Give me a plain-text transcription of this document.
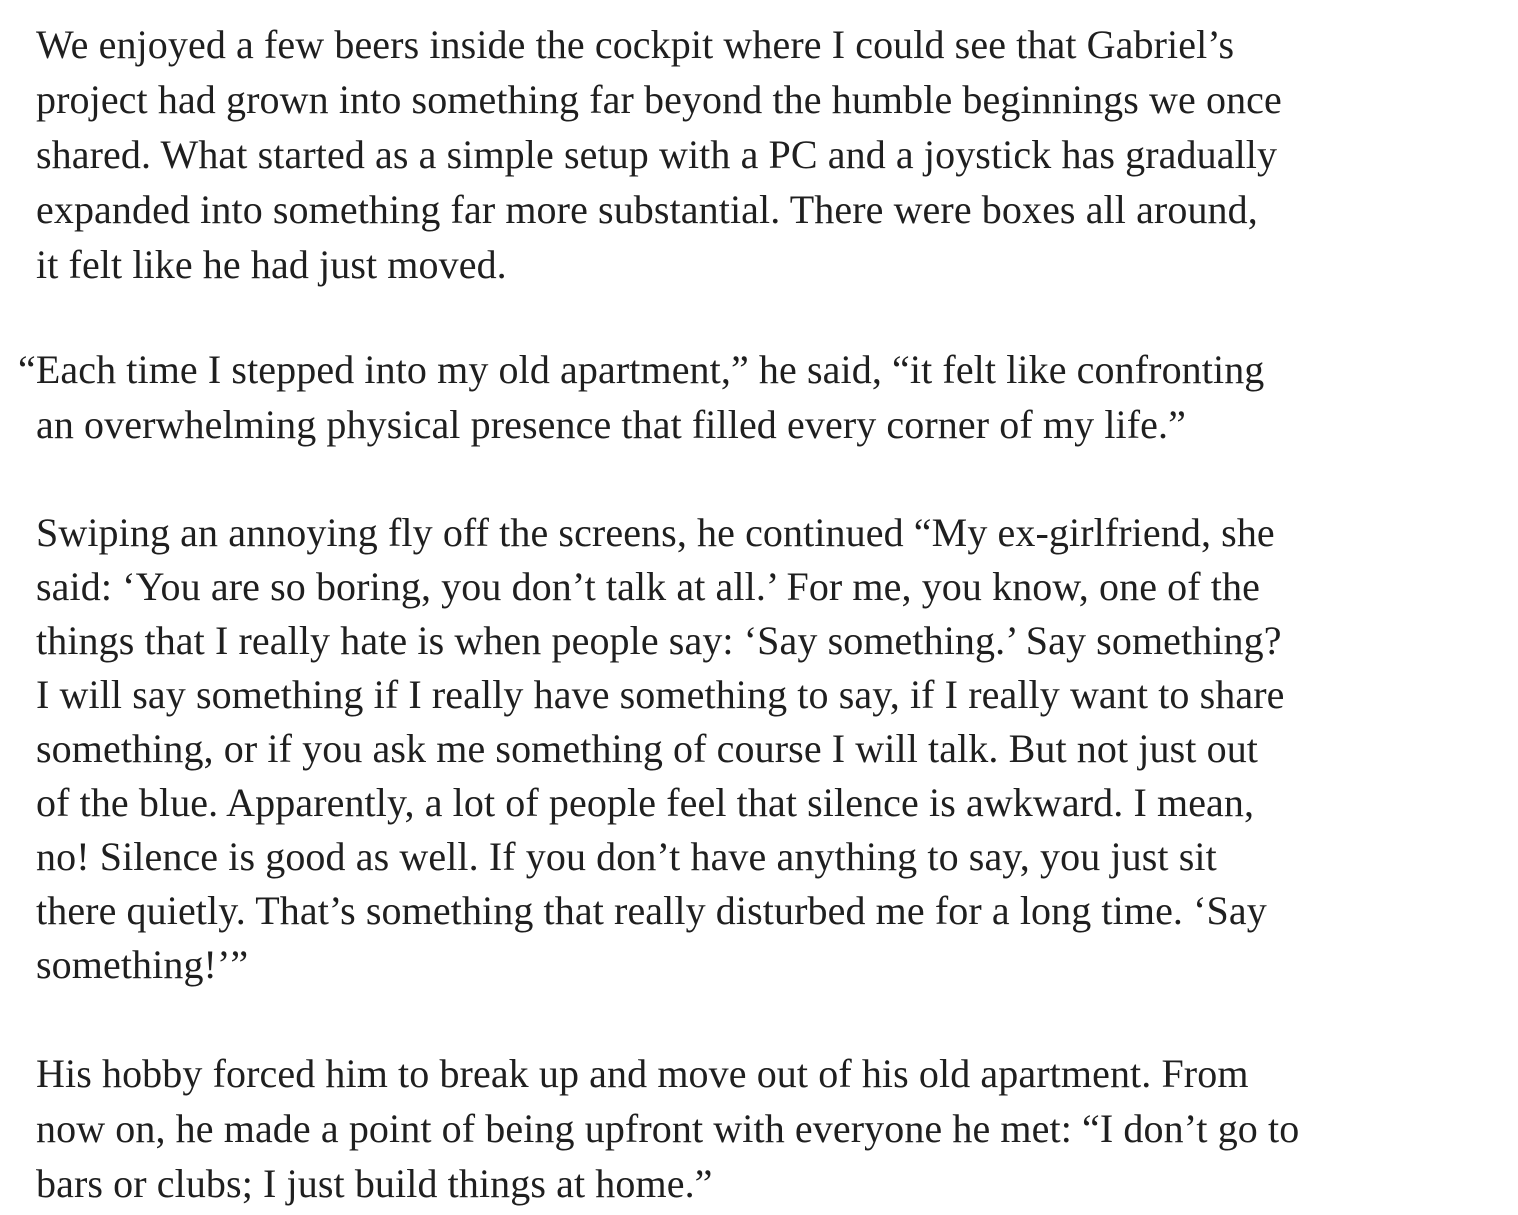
We enjoyed a few beers inside the cockpit where I could see that Gabriel’s
project had grown into something far beyond the humble beginnings we once
shared. What started as a simple setup with a PC and a joystick has gradually
expanded into something far more substantial. There were boxes all around,
it felt like he had just moved.
“Each time I stepped into my old apartment,” he said, “it felt like confronting
an overwhelming physical presence that filled every corner of my life.”
Swiping an annoying fly off the screens, he continued “My ex-girlfriend, she
said: ‘You are so boring, you don’t talk at all.’ For me, you know, one of the
things that I really hate is when people say: ‘Say something.’ Say something?
I will say something if I really have something to say, if I really want to share
something, or if you ask me something of course I will talk. But not just out
of the blue. Apparently, a lot of people feel that silence is awkward. I mean,
no! Silence is good as well. If you don’t have anything to say, you just sit
there quietly. That’s something that really disturbed me for a long time. ‘Say
something!’”
His hobby forced him to break up and move out of his old apartment. From
now on, he made a point of being upfront with everyone he met: “I don’t go to
bars or clubs; I just build things at home.”
